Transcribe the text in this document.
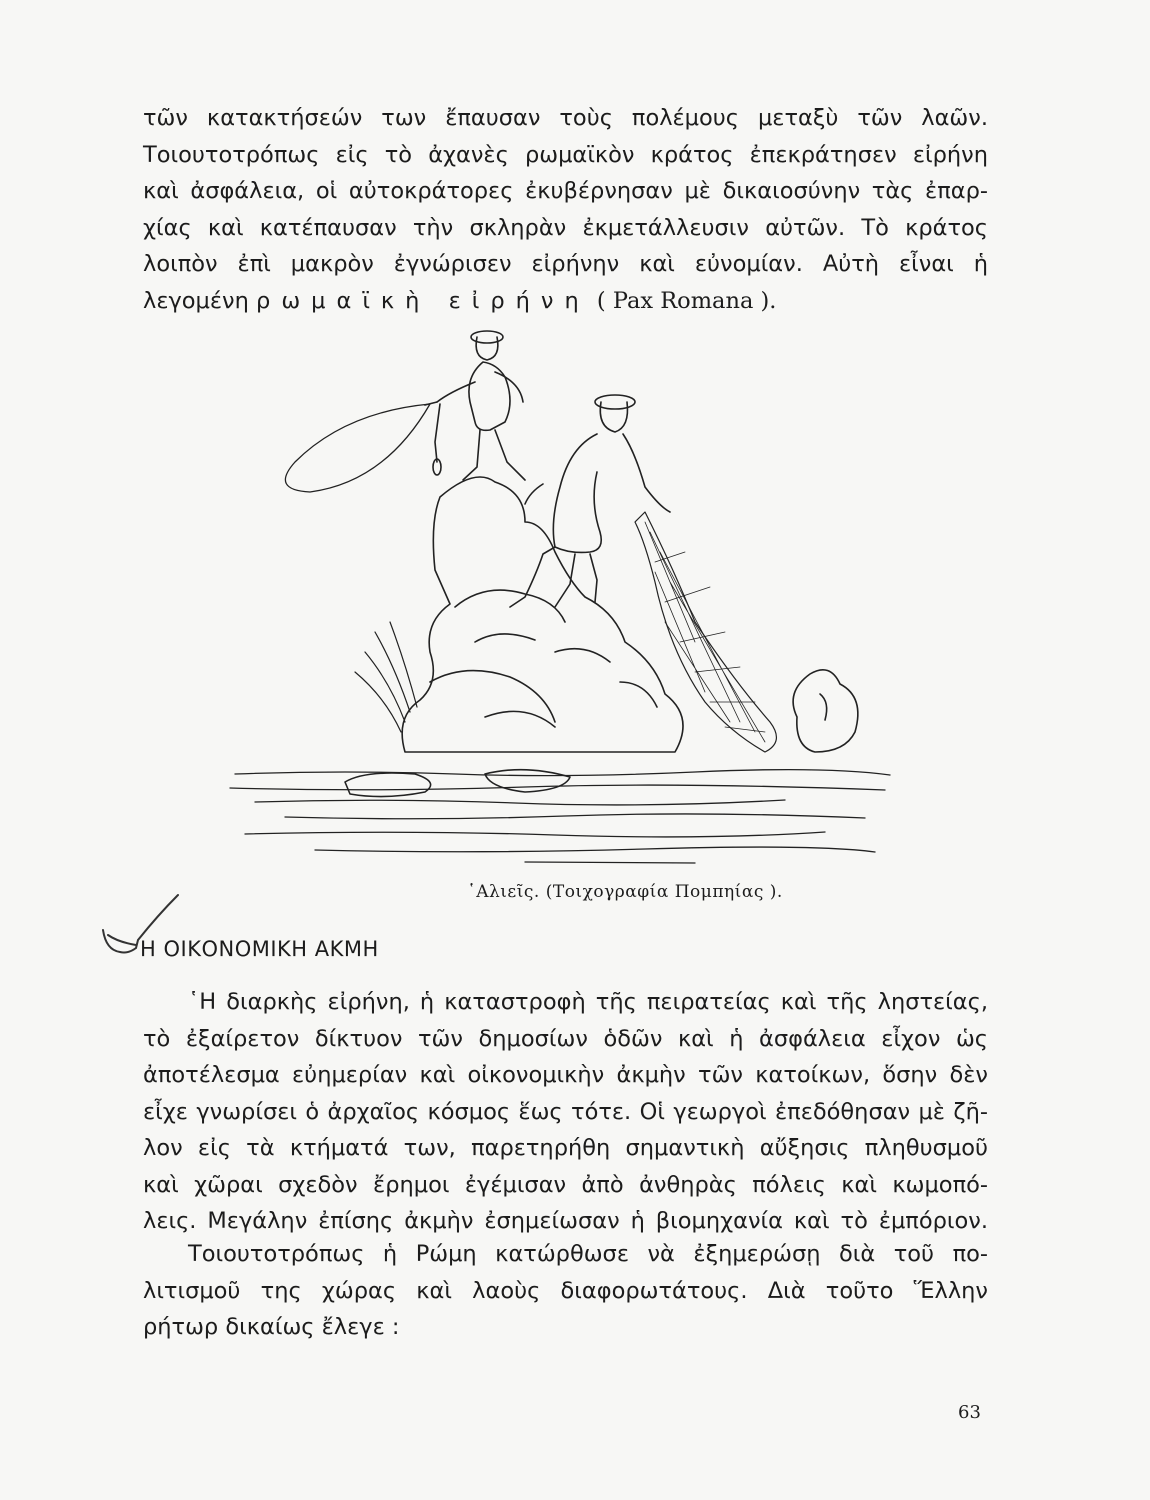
τῶν κατακτήσεών των ἔπαυσαν τοὺς πολέμους μεταξὺ τῶν λαῶν.
Τοιουτοτρόπως εἰς τὸ ἀχανὲς ρωμαϊκὸν κράτος ἐπεκράτησεν εἰρήνη
καὶ ἀσφάλεια, οἱ αὐτοκράτορες ἐκυβέρνησαν μὲ δικαιοσύνην τὰς ἐπαρ-
χίας καὶ κατέπαυσαν τὴν σκληρὰν ἐκμετάλλευσιν αὐτῶν. Τὸ κράτος
λοιπὸν ἐπὶ μακρὸν ἐγνώρισεν εἰρήνην καὶ εὐνομίαν. Αὐτὴ εἶναι ἡ
λεγομένη ρωμαϊκὴ εἰρήνη ( Pax Romana ).
῾Αλιεῖς. (Τοιχογραφία Πομπηίας ).
Η ΟΙΚΟΝΟΜΙΚΗ ΑΚΜΗ
῾Η διαρκὴς εἰρήνη, ἡ καταστροφὴ τῆς πειρατείας καὶ τῆς ληστείας,
τὸ ἐξαίρετον δίκτυον τῶν δημοσίων ὁδῶν καὶ ἡ ἀσφάλεια εἶχον ὡς
ἀποτέλεσμα εὐημερίαν καὶ οἰκονομικὴν ἀκμὴν τῶν κατοίκων, ὅσην δὲν
εἶχε γνωρίσει ὁ ἀρχαῖος κόσμος ἕως τότε. Οἱ γεωργοὶ ἐπεδόθησαν μὲ ζῆ-
λον εἰς τὰ κτήματά των, παρετηρήθη σημαντικὴ αὔξησις πληθυσμοῦ
καὶ χῶραι σχεδὸν ἔρημοι ἐγέμισαν ἀπὸ ἀνθηρὰς πόλεις καὶ κωμοπό-
λεις. Μεγάλην ἐπίσης ἀκμὴν ἐσημείωσαν ἡ βιομηχανία καὶ τὸ ἐμπόριον.
Τοιουτοτρόπως ἡ Ρώμη κατώρθωσε νὰ ἐξημερώσῃ διὰ τοῦ πο-
λιτισμοῦ της χώρας καὶ λαοὺς διαφορωτάτους. Διὰ τοῦτο Ἕλλην
ρήτωρ δικαίως ἔλεγε :
63
